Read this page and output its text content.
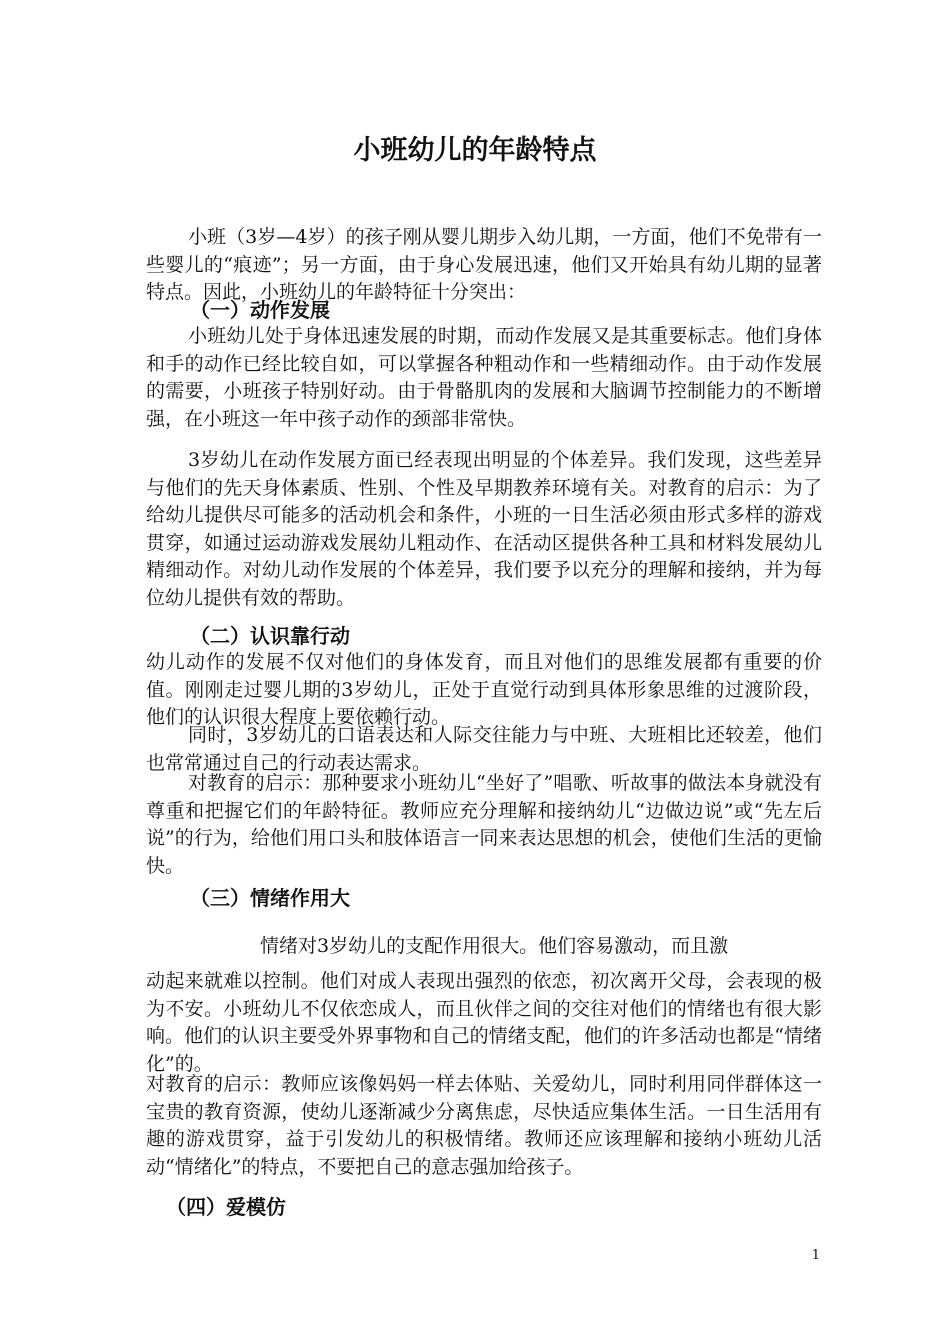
小班幼儿的年龄特点
小班（3岁—4岁）的孩子刚从婴儿期步入幼儿期，一方面，他们不免带有一些婴儿的“痕迹”；另一方面，由于身心发展迅速，他们又开始具有幼儿期的显著特点。因此，小班幼儿的年龄特征十分突出：
（一）动作发展
小班幼儿处于身体迅速发展的时期，而动作发展又是其重要标志。他们身体和手的动作已经比较自如，可以掌握各种粗动作和一些精细动作。由于动作发展的需要，小班孩子特别好动。由于骨骼肌肉的发展和大脑调节控制能力的不断增强，在小班这一年中孩子动作的颈部非常快。
3岁幼儿在动作发展方面已经表现出明显的个体差异。我们发现，这些差异与他们的先天身体素质、性别、个性及早期教养环境有关。对教育的启示：为了给幼儿提供尽可能多的活动机会和条件，小班的一日生活必须由形式多样的游戏贯穿，如通过运动游戏发展幼儿粗动作、在活动区提供各种工具和材料发展幼儿精细动作。对幼儿动作发展的个体差异，我们要予以充分的理解和接纳，并为每位幼儿提供有效的帮助。
（二）认识靠行动
幼儿动作的发展不仅对他们的身体发育，而且对他们的思维发展都有重要的价值。刚刚走过婴儿期的3岁幼儿，正处于直觉行动到具体形象思维的过渡阶段，他们的认识很大程度上要依赖行动。
同时，3岁幼儿的口语表达和人际交往能力与中班、大班相比还较差，他们也常常通过自己的行动表达需求。
对教育的启示：那种要求小班幼儿“坐好了”唱歌、听故事的做法本身就没有尊重和把握它们的年龄特征。教师应充分理解和接纳幼儿“边做边说”或“先左后说”的行为，给他们用口头和肢体语言一同来表达思想的机会，使他们生活的更愉快。
（三）情绪作用大
情绪对3岁幼儿的支配作用很大。他们容易激动，而且激
动起来就难以控制。他们对成人表现出强烈的依恋，初次离开父母，会表现的极为不安。小班幼儿不仅依恋成人，而且伙伴之间的交往对他们的情绪也有很大影响。他们的认识主要受外界事物和自己的情绪支配，他们的许多活动也都是“情绪化”的。
对教育的启示：教师应该像妈妈一样去体贴、关爱幼儿，同时利用同伴群体这一宝贵的教育资源，使幼儿逐渐减少分离焦虑，尽快适应集体生活。一日生活用有趣的游戏贯穿，益于引发幼儿的积极情绪。教师还应该理解和接纳小班幼儿活动“情绪化”的特点，不要把自己的意志强加给孩子。
（四）爱模仿
1
